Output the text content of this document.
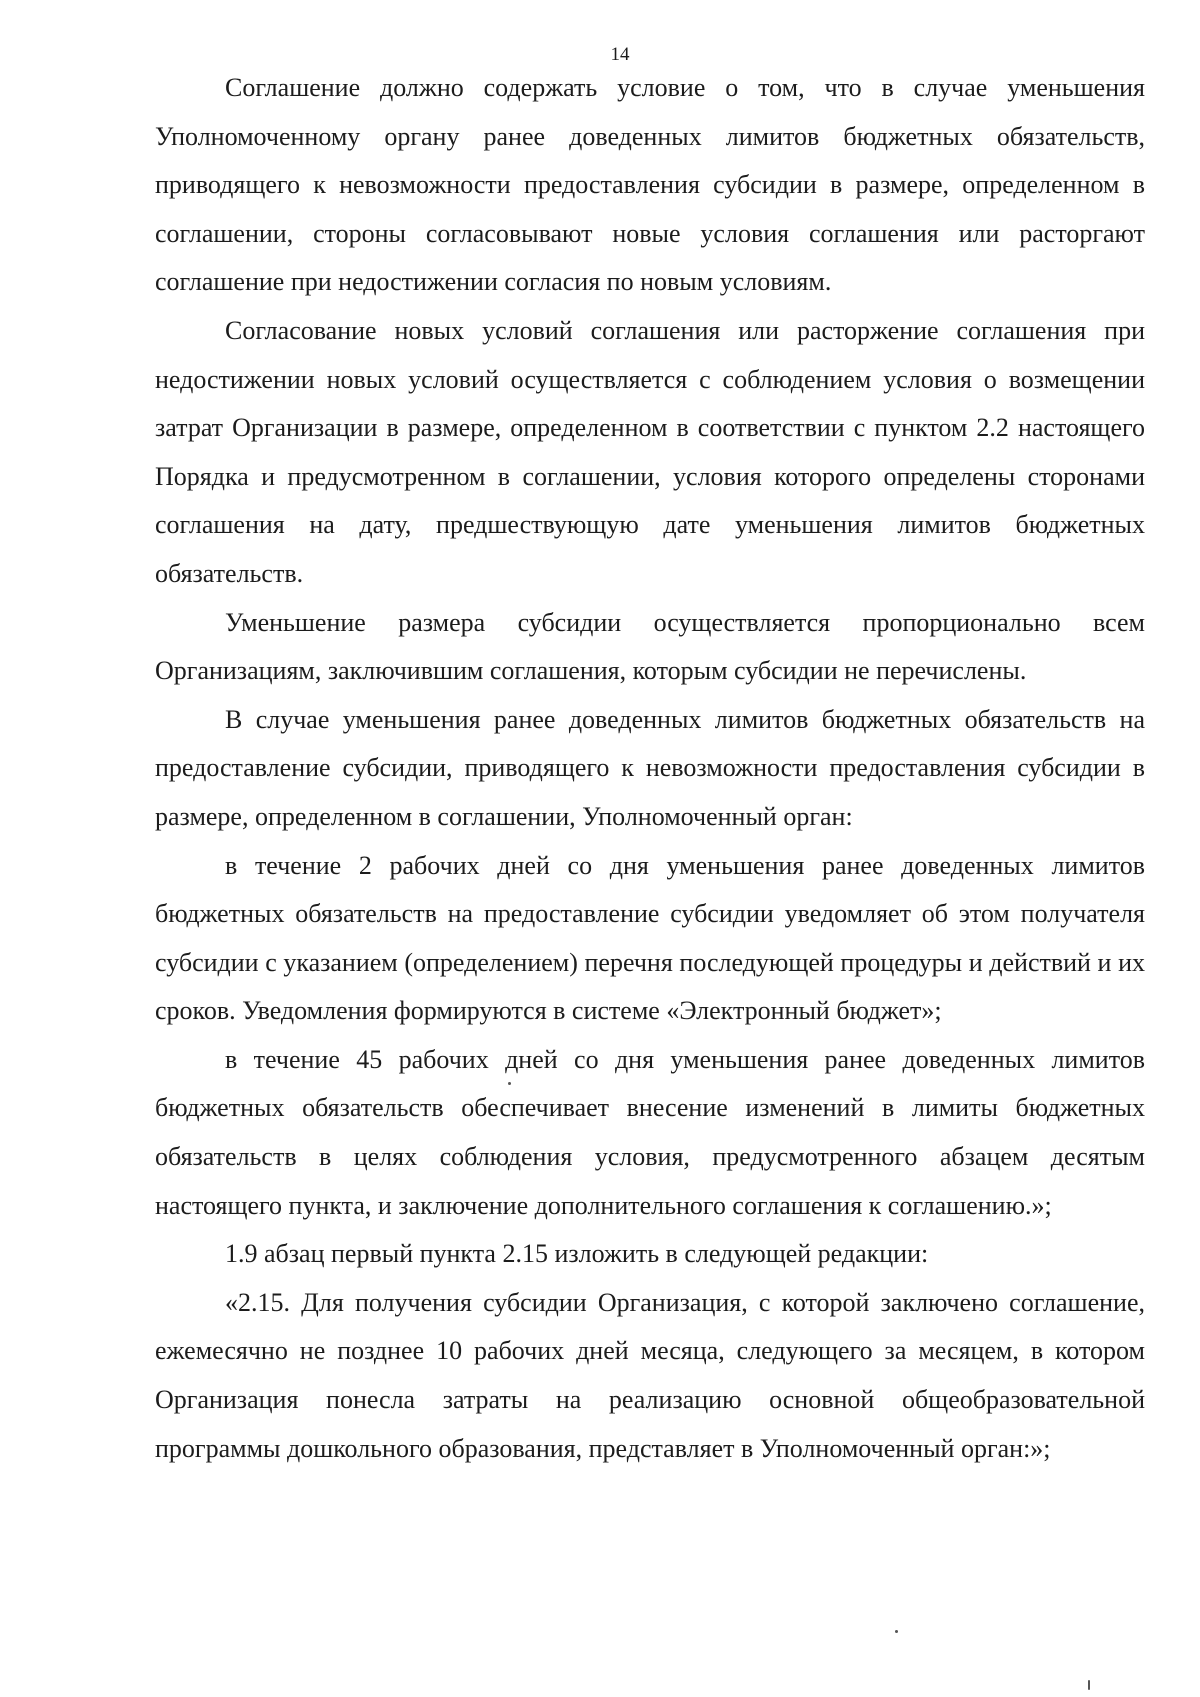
14

Соглашение должно содержать условие о том, что в случае уменьшения Уполномоченному органу ранее доведенных лимитов бюджетных обязательств, приводящего к невозможности предоставления субсидии в размере, определенном в соглашении, стороны согласовывают новые условия соглашения или расторгают соглашение при недостижении согласия по новым условиям.

Согласование новых условий соглашения или расторжение соглашения при недостижении новых условий осуществляется с соблюдением условия о возмещении затрат Организации в размере, определенном в соответствии с пунктом 2.2 настоящего Порядка и предусмотренном в соглашении, условия которого определены сторонами соглашения на дату, предшествующую дате уменьшения лимитов бюджетных обязательств.

Уменьшение размера субсидии осуществляется пропорционально всем Организациям, заключившим соглашения, которым субсидии не перечислены.

В случае уменьшения ранее доведенных лимитов бюджетных обязательств на предоставление субсидии, приводящего к невозможности предоставления субсидии в размере, определенном в соглашении, Уполномоченный орган:

в течение 2 рабочих дней со дня уменьшения ранее доведенных лимитов бюджетных обязательств на предоставление субсидии уведомляет об этом получателя субсидии с указанием (определением) перечня последующей процедуры и действий и их сроков. Уведомления формируются в системе «Электронный бюджет»;

в течение 45 рабочих дней со дня уменьшения ранее доведенных лимитов бюджетных обязательств обеспечивает внесение изменений в лимиты бюджетных обязательств в целях соблюдения условия, предусмотренного абзацем десятым настоящего пункта, и заключение дополнительного соглашения к соглашению.»;

1.9 абзац первый пункта 2.15 изложить в следующей редакции:

«2.15. Для получения субсидии Организация, с которой заключено соглашение, ежемесячно не позднее 10 рабочих дней месяца, следующего за месяцем, в котором Организация понесла затраты на реализацию основной общеобразовательной программы дошкольного образования, представляет в Уполномоченный орган:»;
